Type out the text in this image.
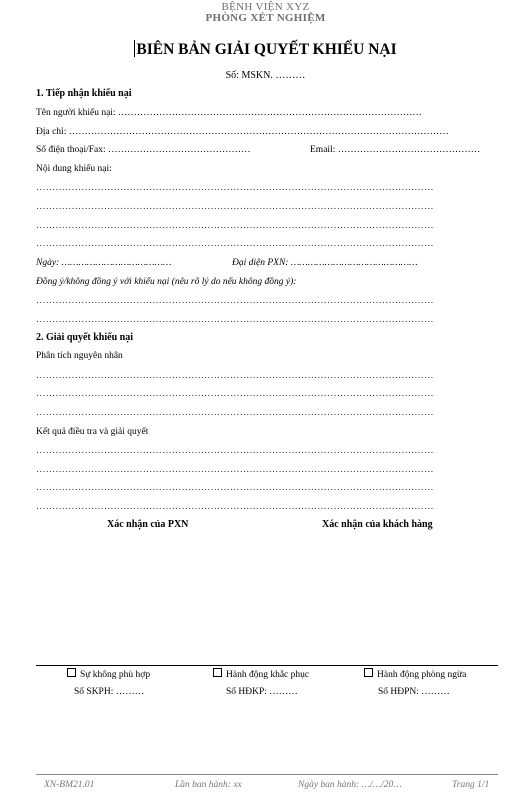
BỆNH VIỆN XYZ
PHÒNG XÉT NGHIỆM
BIÊN BẢN GIẢI QUYẾT KHIẾU NẠI
Số: MSKN. ………
1. Tiếp nhận khiếu nại
Tên người khiếu nại: ……………………………………………………………………………………
Địa chỉ: …………………………………………………………………………………………………………
Số điện thoại/Fax: ………………………………………	Email: ………………………………………
Nội dung khiếu nại:
……………………………………………………………………………………………………………
……………………………………………………………………………………………………………
……………………………………………………………………………………………………………
……………………………………………………………………………………………………………
Ngày: …………………………………	Đại diện PXN: ………………………………………
Đồng ý/không đồng ý với khiếu nại (nêu rõ lý do nếu không đồng ý):
……………………………………………………………………………………………………………
……………………………………………………………………………………………………………
2. Giải quyết khiếu nại
Phân tích nguyên nhân
……………………………………………………………………………………………………………
……………………………………………………………………………………………………………
……………………………………………………………………………………………………………
Kết quả điều tra và giải quyết
……………………………………………………………………………………………………………
……………………………………………………………………………………………………………
……………………………………………………………………………………………………………
……………………………………………………………………………………………………………
Xác nhận của PXN	Xác nhận của khách hàng
Sự không phù hợp	Hành động khắc phục	Hành động phòng ngừa
Số SKPH: ………	Số HĐKP: ………	Số HĐPN: ………
XN-BM21.01	Lần ban hành: xx	Ngày ban hành: …/…/20…	Trang 1/1
